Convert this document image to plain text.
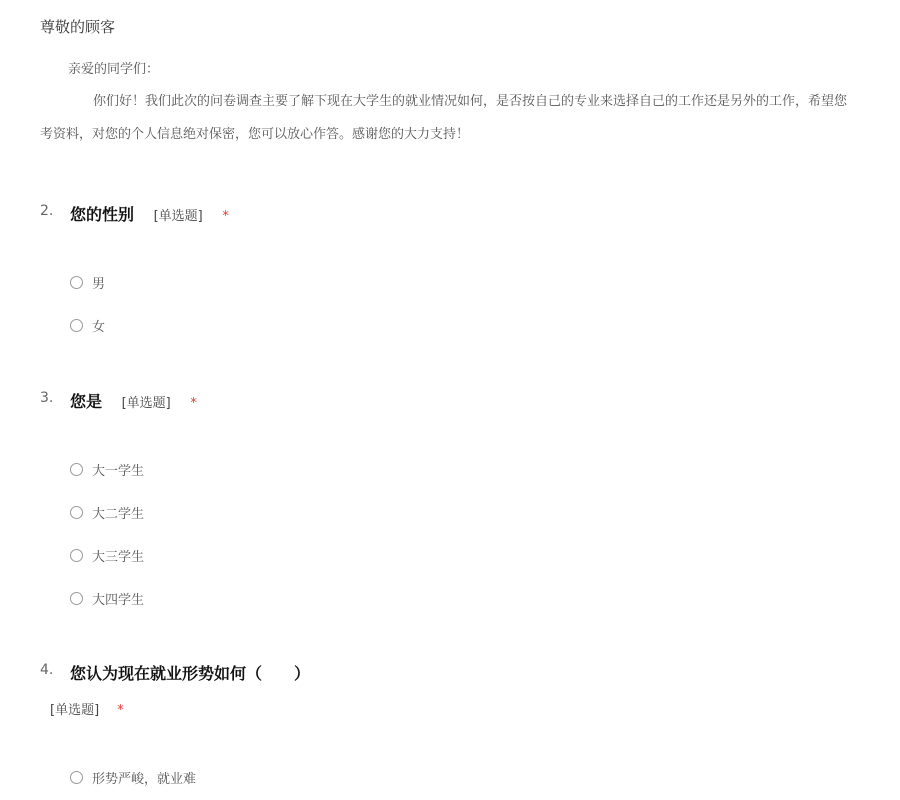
尊敬的顾客
亲爱的同学们：
你们好！我们此次的问卷调查主要了解下现在大学生的就业情况如何，是否按自己的专业来选择自己的工作还是另外的工作，希望您
考资料，对您的个人信息绝对保密，您可以放心作答。感谢您的大力支持！
2. 您的性别 [单选题] *
男
女
3. 您是 [单选题] *
大一学生
大二学生
大三学生
大四学生
4. 您认为现在就业形势如何（　　）
[单选题] *
形势严峻，就业难
